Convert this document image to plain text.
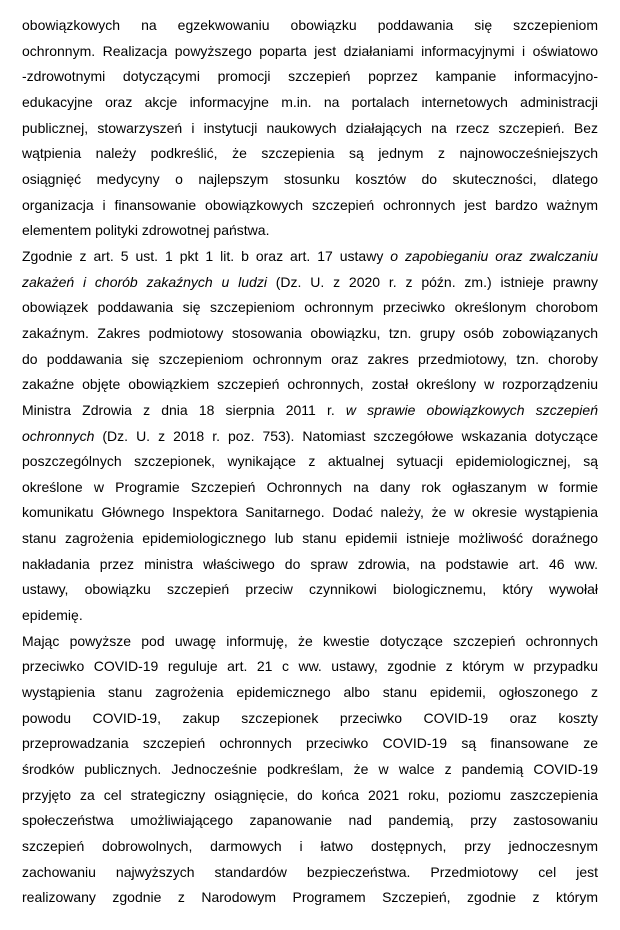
obowiązkowych na egzekwowaniu obowiązku poddawania się szczepieniom
ochronnym. Realizacja powyższego poparta jest działaniami informacyjnymi i oświatowo
-zdrowotnymi dotyczącymi promocji szczepień poprzez kampanie informacyjno-
edukacyjne oraz akcje informacyjne m.in. na portalach internetowych administracji
publicznej, stowarzyszeń i instytucji naukowych działających na rzecz szczepień. Bez
wątpienia należy podkreślić, że szczepienia są jednym z najnowocześniejszych
osiągnięć medycyny o najlepszym stosunku kosztów do skuteczności, dlatego
organizacja i finansowanie obowiązkowych szczepień ochronnych jest bardzo ważnym
elementem polityki zdrowotnej państwa.
Zgodnie z art. 5 ust. 1 pkt 1 lit. b oraz art. 17 ustawy o zapobieganiu oraz zwalczaniu
zakażeń i chorób zakaźnych u ludzi (Dz. U. z 2020 r. z późn. zm.) istnieje prawny
obowiązek poddawania się szczepieniom ochronnym przeciwko określonym chorobom
zakaźnym. Zakres podmiotowy stosowania obowiązku, tzn. grupy osób zobowiązanych
do poddawania się szczepieniom ochronnym oraz zakres przedmiotowy, tzn. choroby
zakaźne objęte obowiązkiem szczepień ochronnych, został określony w rozporządzeniu
Ministra Zdrowia z dnia 18 sierpnia 2011 r. w sprawie obowiązkowych szczepień
ochronnych (Dz. U. z 2018 r. poz. 753). Natomiast szczegółowe wskazania dotyczące
poszczególnych szczepionek, wynikające z aktualnej sytuacji epidemiologicznej, są
określone w Programie Szczepień Ochronnych na dany rok ogłaszanym w formie
komunikatu Głównego Inspektora Sanitarnego. Dodać należy, że w okresie wystąpienia
stanu zagrożenia epidemiologicznego lub stanu epidemii istnieje możliwość doraźnego
nakładania przez ministra właściwego do spraw zdrowia, na podstawie art. 46 ww.
ustawy, obowiązku szczepień przeciw czynnikowi biologicznemu, który wywołał
epidemię.
Mając powyższe pod uwagę informuję, że kwestie dotyczące szczepień ochronnych
przeciwko COVID-19 reguluje art. 21 c ww. ustawy, zgodnie z którym w przypadku
wystąpienia stanu zagrożenia epidemicznego albo stanu epidemii, ogłoszonego z
powodu COVID-19, zakup szczepionek przeciwko COVID-19 oraz koszty
przeprowadzania szczepień ochronnych przeciwko COVID-19 są finansowane ze
środków publicznych. Jednocześnie podkreślam, że w walce z pandemią COVID-19
przyjęto za cel strategiczny osiągnięcie, do końca 2021 roku, poziomu zaszczepienia
społeczeństwa umożliwiającego zapanowanie nad pandemią, przy zastosowaniu
szczepień dobrowolnych, darmowych i łatwo dostępnych, przy jednoczesnym
zachowaniu najwyższych standardów bezpieczeństwa. Przedmiotowy cel jest
realizowany zgodnie z Narodowym Programem Szczepień, zgodnie z którym
